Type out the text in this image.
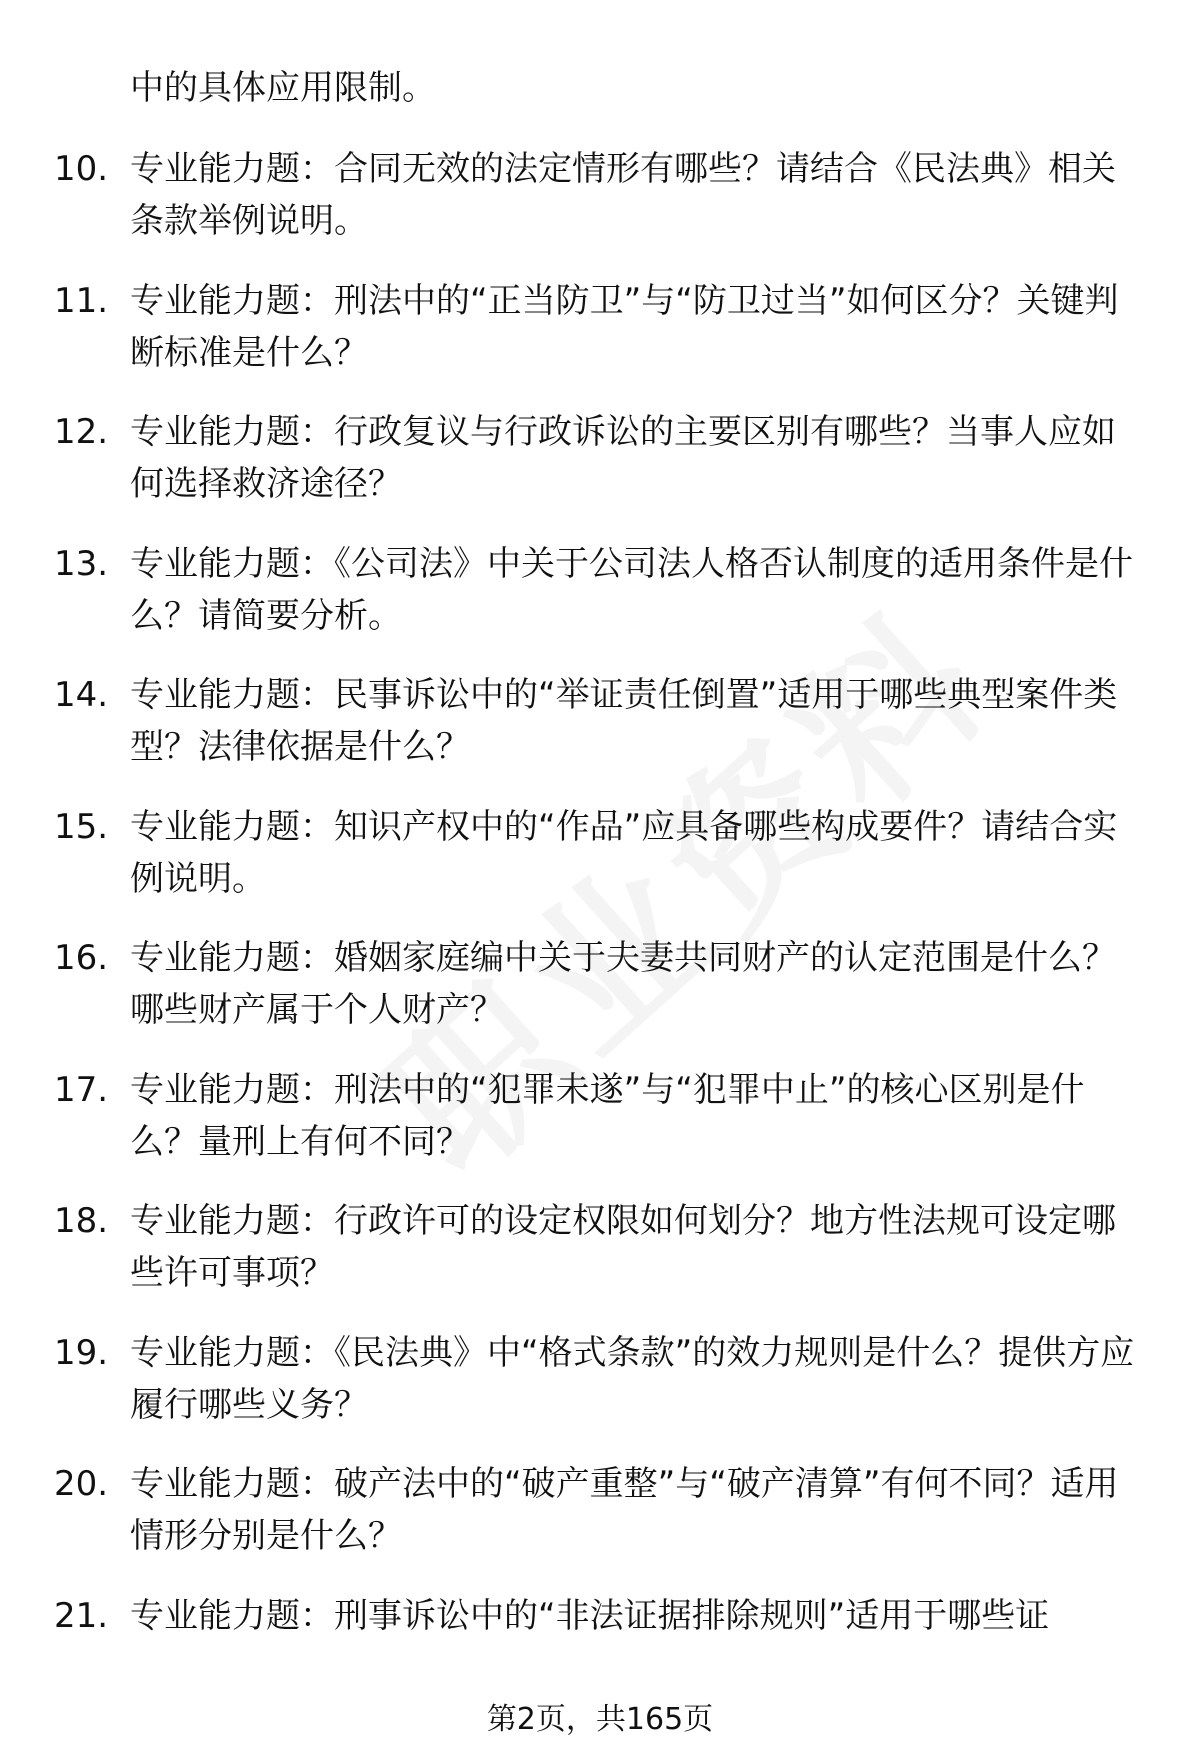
中的具体应用限制。
10. 专业能力题：合同无效的法定情形有哪些？请结合《民法典》相关条款举例说明。
11. 专业能力题：刑法中的“正当防卫”与“防卫过当”如何区分？关键判断标准是什么？
12. 专业能力题：行政复议与行政诉讼的主要区别有哪些？当事人应如何选择救济途径？
13. 专业能力题：《公司法》中关于公司法人格否认制度的适用条件是什么？请简要分析。
14. 专业能力题：民事诉讼中的“举证责任倒置”适用于哪些典型案件类型？法律依据是什么？
15. 专业能力题：知识产权中的“作品”应具备哪些构成要件？请结合实例说明。
16. 专业能力题：婚姻家庭编中关于夫妻共同财产的认定范围是什么？哪些财产属于个人财产？
17. 专业能力题：刑法中的“犯罪未遂”与“犯罪中止”的核心区别是什么？量刑上有何不同？
18. 专业能力题：行政许可的设定权限如何划分？地方性法规可设定哪些许可事项？
19. 专业能力题：《民法典》中“格式条款”的效力规则是什么？提供方应履行哪些义务？
20. 专业能力题：破产法中的“破产重整”与“破产清算”有何不同？适用情形分别是什么？
21. 专业能力题：刑事诉讼中的“非法证据排除规则”适用于哪些证
第2页，共165页
